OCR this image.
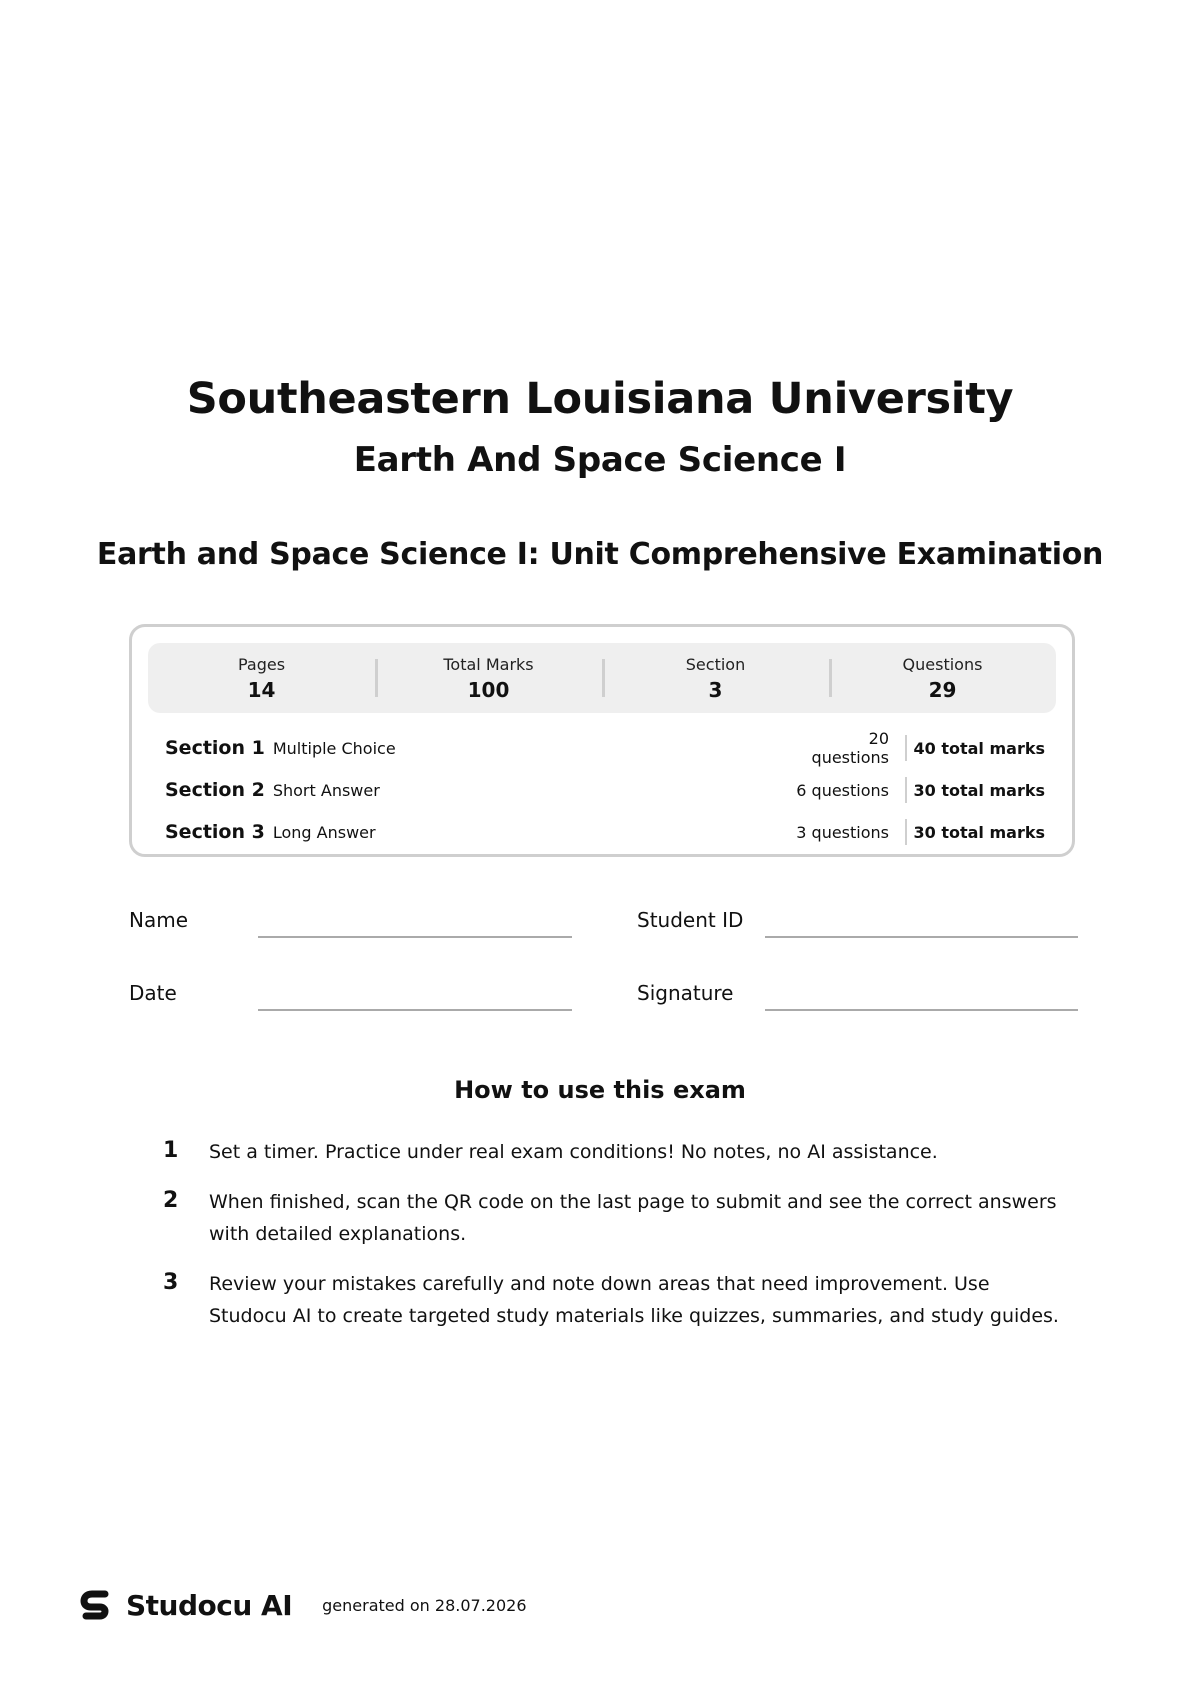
Southeastern Louisiana University
Earth And Space Science I
Earth and Space Science I: Unit Comprehensive Examination
Pages
14
Total Marks
100
Section
3
Questions
29
Section 1 Multiple Choice	20 questions	40 total marks
Section 2 Short Answer	6 questions	30 total marks
Section 3 Long Answer	3 questions	30 total marks
Name	Student ID
Date	Signature
How to use this exam
1	Set a timer. Practice under real exam conditions! No notes, no AI assistance.
2	When finished, scan the QR code on the last page to submit and see the correct answers with detailed explanations.
3	Review your mistakes carefully and note down areas that need improvement. Use Studocu AI to create targeted study materials like quizzes, summaries, and study guides.
Studocu AI generated on 28.07.2026
